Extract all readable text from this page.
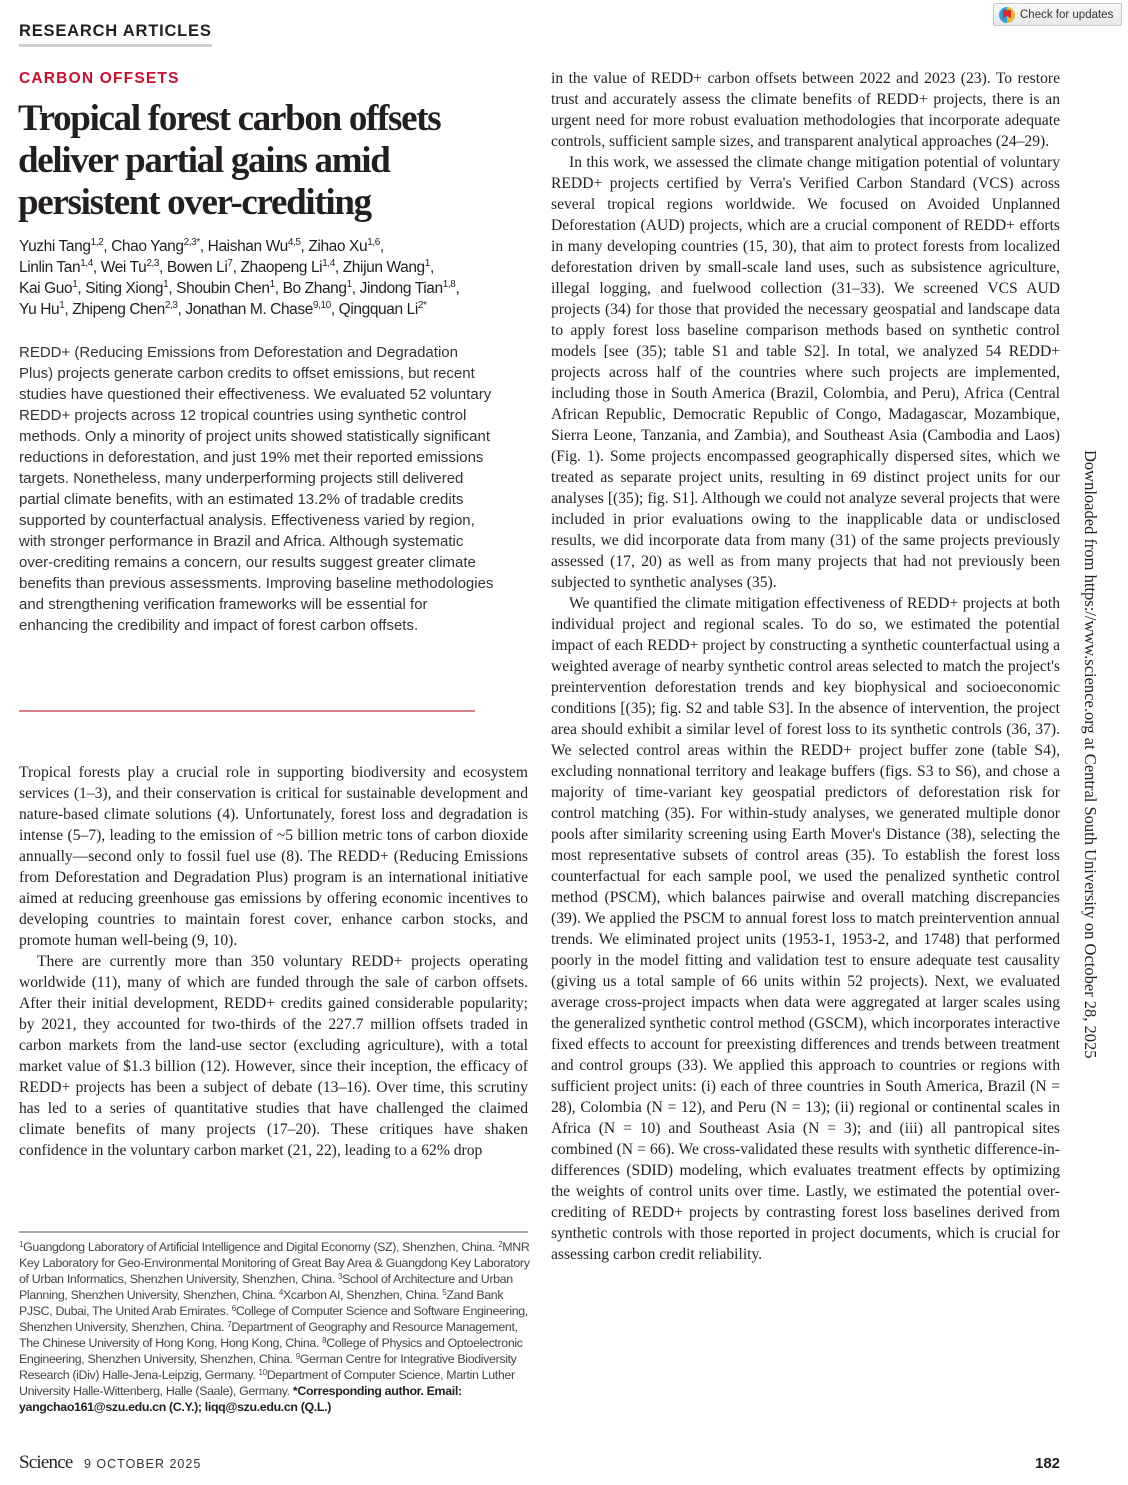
RESEARCH ARTICLES
Check for updates
CARBON OFFSETS
Tropical forest carbon offsets deliver partial gains amid persistent over-crediting
Yuzhi Tang$^{1,2}$, Chao Yang$^{2,3*}$, Haishan Wu$^{4,5}$, Zihao Xu$^{1,6}$,
Linlin Tan$^{1,4}$, Wei Tu$^{2,3}$, Bowen Li$^7$, Zhaopeng Li$^{1,4}$, Zhijun Wang$^1$,
Kai Guo$^1$, Siting Xiong$^1$, Shoubin Chen$^1$, Bo Zhang$^1$, Jindong Tian$^{1,8}$,
Yu Hu$^1$, Zhipeng Chen$^{2,3}$, Jonathan M. Chase$^{9,10}$, Qingquan $Li^{2*}$
REDD+ (Reducing Emissions from Deforestation and Degradation Plus) projects generate carbon credits to offset emissions, but recent studies have questioned their effectiveness. We evaluated 52 voluntary REDD+ projects across 12 tropical countries using synthetic control methods. Only a minority of project units showed statistically significant reductions in deforestation, and just 19% met their reported emissions targets. Nonetheless, many underperforming projects still delivered partial climate benefits, with an estimated 13.2% of tradable credits supported by counterfactual analysis. Effectiveness varied by region, with stronger performance in Brazil and Africa. Although systematic over-crediting remains a concern, our results suggest greater climate benefits than previous assessments. Improving baseline methodologies and strengthening verification frameworks will be essential for enhancing the credibility and impact of forest carbon offsets.

Tropical forests play a crucial role in supporting biodiversity and ecosystem services (1–3), and their conservation is critical for sustainable development and nature-based climate solutions (4). Unfortunately, forest loss and degradation is intense (5–7), leading to the emission of ~5 billion metric tons of carbon dioxide annually—second only to fossil fuel use (8). The REDD+ (Reducing Emissions from Deforestation and Degradation Plus) program is an international initiative aimed at reducing greenhouse gas emissions by offering economic incentives to developing countries to maintain forest cover, enhance carbon stocks, and promote human well-being (9, 10).

There are currently more than 350 voluntary REDD+ projects operating worldwide (11), many of which are funded through the sale of carbon offsets. After their initial development, REDD+ credits gained considerable popularity; by 2021, they accounted for two-thirds of the 227.7 million offsets traded in carbon markets from the land-use sector (excluding agriculture), with a total market value of $1.3 billion (12). However, since their inception, the efficacy of REDD+ projects has been a subject of debate (13–16). Over time, this scrutiny has led to a series of quantitative studies that have challenged the claimed climate benefits of many projects (17–20). These critiques have shaken confidence in the voluntary carbon market (21, 22), leading to a 62% drop

in the value of REDD+ carbon offsets between 2022 and 2023 (23). To restore trust and accurately assess the climate benefits of REDD+ projects, there is an urgent need for more robust evaluation methodologies that incorporate adequate controls, sufficient sample sizes, and transparent analytical approaches (24–29).

In this work, we assessed the climate change mitigation potential of voluntary REDD+ projects certified by Verra's Verified Carbon Standard (VCS) across several tropical regions worldwide. We focused on Avoided Unplanned Deforestation (AUD) projects, which are a crucial component of REDD+ efforts in many developing countries (15, 30), that aim to protect forests from localized deforestation driven by small-scale land uses, such as subsistence agriculture, illegal logging, and fuelwood collection (31–33). We screened VCS AUD projects (34) for those that provided the necessary geospatial and landscape data to apply forest loss baseline comparison methods based on synthetic control models [see (35); table S1 and table S2]. In total, we analyzed 54 REDD+ projects across half of the countries where such projects are implemented, including those in South America (Brazil, Colombia, and Peru), Africa (Central African Republic, Democratic Republic of Congo, Madagascar, Mozambique, Sierra Leone, Tanzania, and Zambia), and Southeast Asia (Cambodia and Laos) (Fig. 1). Some projects encompassed geographically dispersed sites, which we treated as separate project units, resulting in 69 distinct project units for our analyses [(35); fig. S1]. Although we could not analyze several projects that were included in prior evaluations owing to the inapplicable data or undisclosed results, we did incorporate data from many (31) of the same projects previously assessed (17, 20) as well as from many projects that had not previously been subjected to synthetic analyses (35).

We quantified the climate mitigation effectiveness of REDD+ projects at both individual project and regional scales. To do so, we estimated the potential impact of each REDD+ project by constructing a synthetic counterfactual using a weighted average of nearby synthetic control areas selected to match the project's preintervention deforestation trends and key biophysical and socioeconomic conditions [(35); fig. S2 and table S3]. In the absence of intervention, the project area should exhibit a similar level of forest loss to its synthetic controls (36, 37). We selected control areas within the REDD+ project buffer zone (table S4), excluding nonnational territory and leakage buffers (figs. S3 to S6), and chose a majority of time-variant key geospatial predictors of deforestation risk for control matching (35). For within-study analyses, we generated multiple donor pools after similarity screening using Earth Mover's Distance (38), selecting the most representative subsets of control areas (35). To establish the forest loss counterfactual for each sample pool, we used the penalized synthetic control method (PSCM), which balances pairwise and overall matching discrepancies (39). We applied the PSCM to annual forest loss to match preintervention annual trends. We eliminated project units (1953-1, 1953-2, and 1748) that performed poorly in the model fitting and validation test to ensure adequate test causality (giving us a total sample of 66 units within 52 projects). Next, we evaluated average cross-project impacts when data were aggregated at larger scales using the generalized synthetic control method (GSCM), which incorporates interactive fixed effects to account for preexisting differences and trends between treatment and control groups (33). We applied this approach to countries or regions with sufficient project units: (i) each of three countries in South America, Brazil (N = 28), Colombia (N = 12), and Peru (N = 13); (ii) regional or continental scales in Africa (N = 10) and Southeast Asia (N = 3); and (iii) all pantropical sites combined (N = 66). We cross-validated these results with synthetic difference-in-differences (SDID) modeling, which evaluates treatment effects by optimizing the weights of control units over time. Lastly, we estimated the potential over-crediting of REDD+ projects by contrasting forest loss baselines derived from synthetic controls with those reported in project documents, which is crucial for assessing carbon credit reliability.

$^1$Guangdong Laboratory of Artificial Intelligence and Digital Economy (SZ), Shenzhen, China. $^2$MNR Key Laboratory for Geo-Environmental Monitoring of Great Bay Area & Guangdong Key Laboratory of Urban Informatics, Shenzhen University, Shenzhen, China. $^3$School of Architecture and Urban Planning, Shenzhen University, Shenzhen, China. $^4$Xcarbon AI, Shenzhen, China. $^5$Zand Bank PJSC, Dubai, The United Arab Emirates. $^6$College of Computer Science and Software Engineering, Shenzhen University, Shenzhen, China. $^7$Department of Geography and Resource Management, The Chinese University of Hong Kong, Hong Kong, China. $^8$College of Physics and Optoelectronic Engineering, Shenzhen University, Shenzhen, China. $^9$German Centre for Integrative Biodiversity Research (iDiv) Halle-Jena-Leipzig, Germany. $^{10}$Department of Computer Science, Martin Luther University Halle-Wittenberg, Halle (Saale), Germany. *Corresponding author. Email: yangchao161@szu.edu.cn (C.Y.); liqq@szu.edu.cn (Q.L.)
Science 9 OCTOBER 2025	182
Downloaded from https://www.science.org at Central South University on October 28, 2025
